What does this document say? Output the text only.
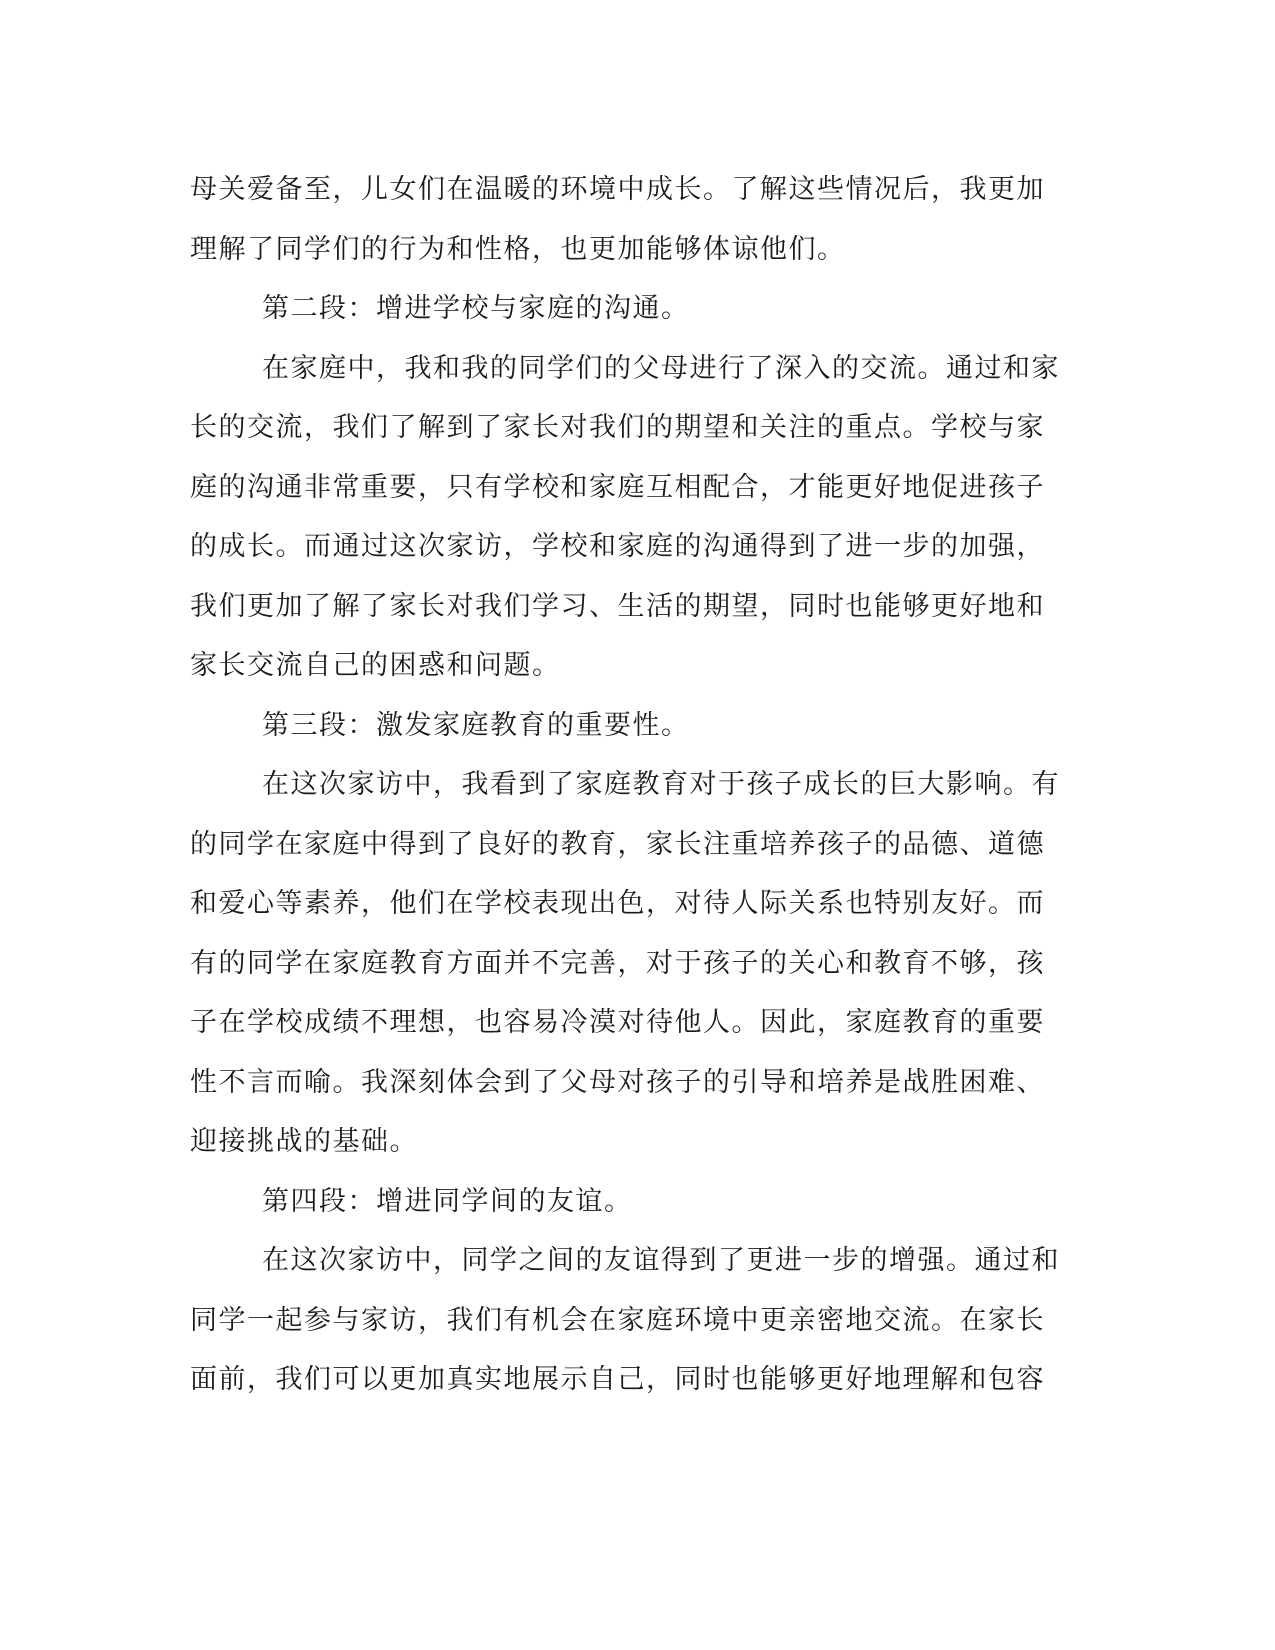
母关爱备至，儿女们在温暖的环境中成长。了解这些情况后，我更加
理解了同学们的行为和性格，也更加能够体谅他们。
第二段：增进学校与家庭的沟通。
在家庭中，我和我的同学们的父母进行了深入的交流。通过和家
长的交流，我们了解到了家长对我们的期望和关注的重点。学校与家
庭的沟通非常重要，只有学校和家庭互相配合，才能更好地促进孩子
的成长。而通过这次家访，学校和家庭的沟通得到了进一步的加强，
我们更加了解了家长对我们学习、生活的期望，同时也能够更好地和
家长交流自己的困惑和问题。
第三段：激发家庭教育的重要性。
在这次家访中，我看到了家庭教育对于孩子成长的巨大影响。有
的同学在家庭中得到了良好的教育，家长注重培养孩子的品德、道德
和爱心等素养，他们在学校表现出色，对待人际关系也特别友好。而
有的同学在家庭教育方面并不完善，对于孩子的关心和教育不够，孩
子在学校成绩不理想，也容易冷漠对待他人。因此，家庭教育的重要
性不言而喻。我深刻体会到了父母对孩子的引导和培养是战胜困难、
迎接挑战的基础。
第四段：增进同学间的友谊。
在这次家访中，同学之间的友谊得到了更进一步的增强。通过和
同学一起参与家访，我们有机会在家庭环境中更亲密地交流。在家长
面前，我们可以更加真实地展示自己，同时也能够更好地理解和包容
